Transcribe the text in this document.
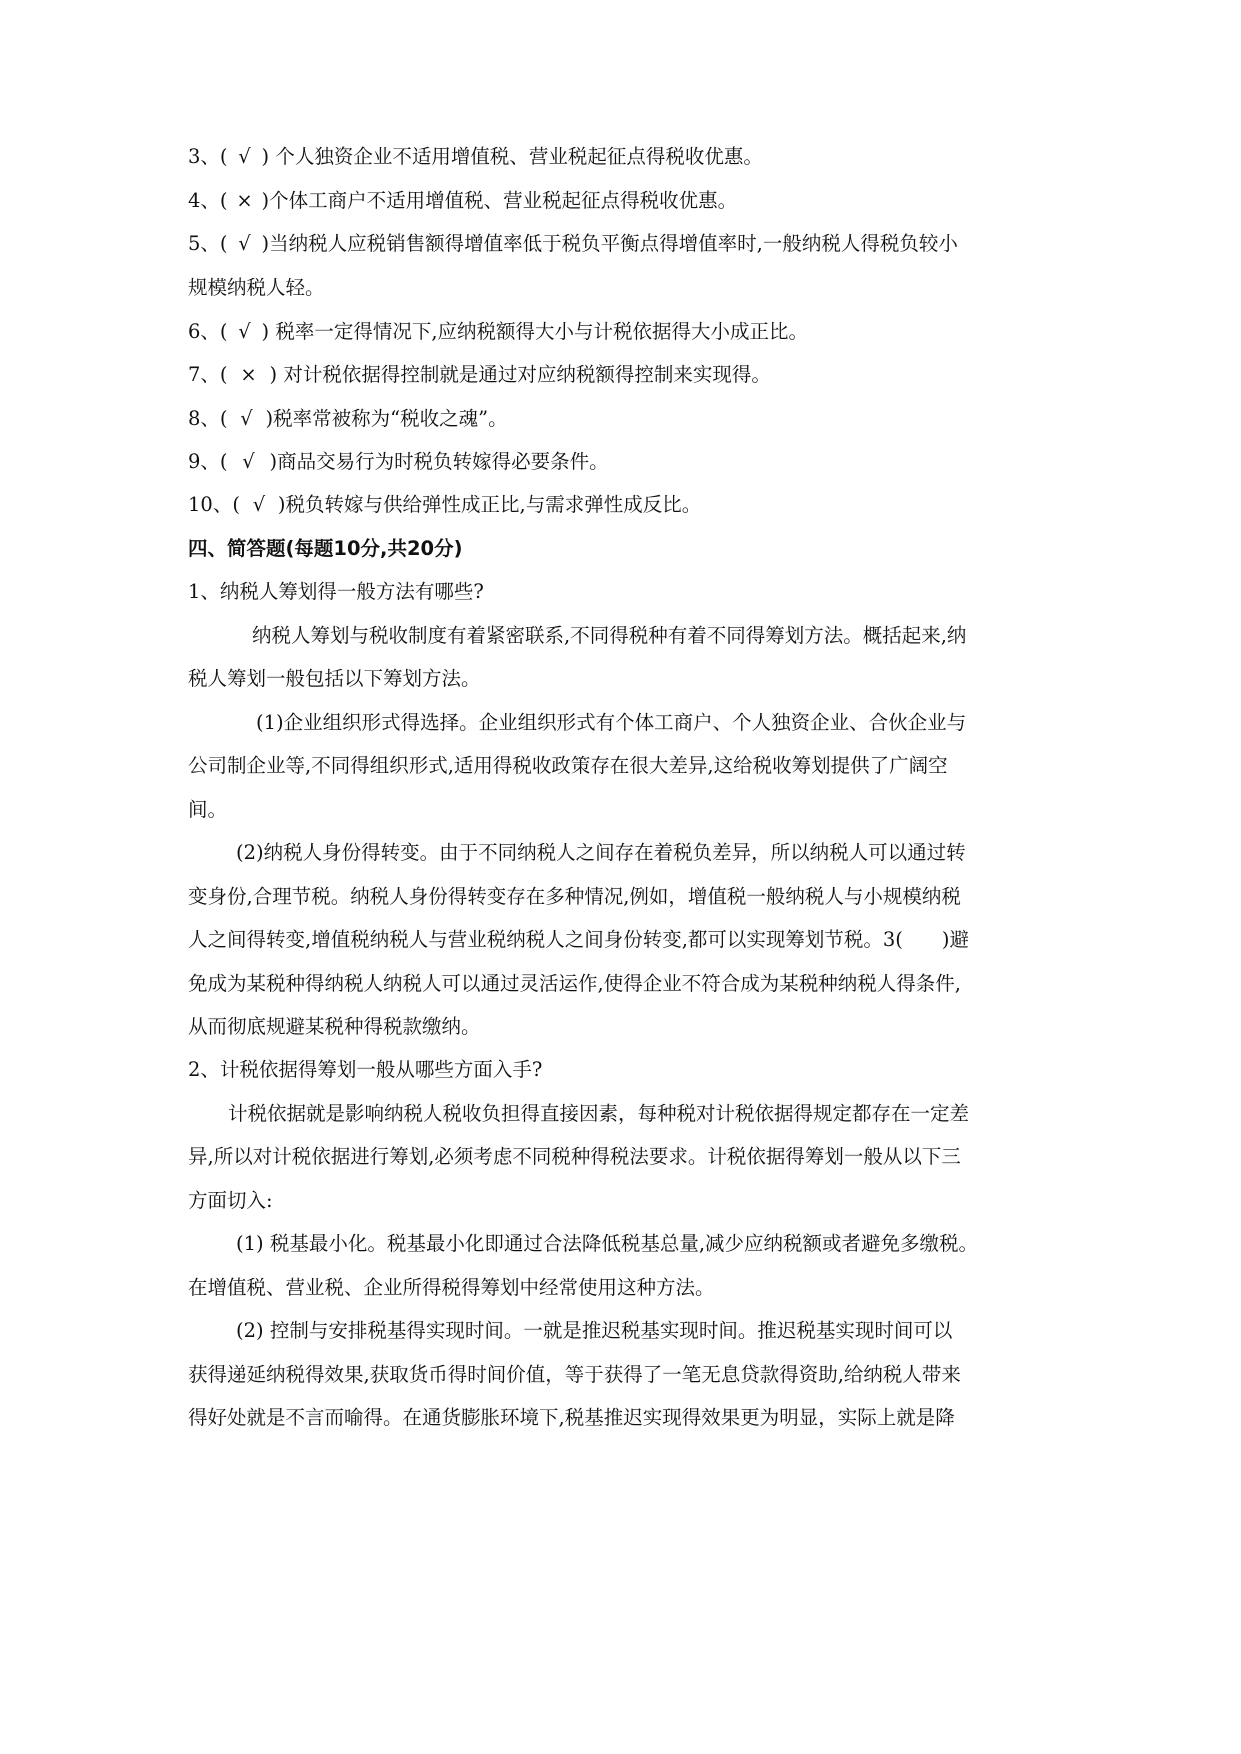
3、( √ ) 个人独资企业不适用增值税、营业税起征点得税收优惠。

4、( × )个体工商户不适用增值税、营业税起征点得税收优惠。

5、( √ )当纳税人应税销售额得增值率低于税负平衡点得增值率时,一般纳税人得税负较小

规模纳税人轻。

6、( √ ) 税率一定得情况下,应纳税额得大小与计税依据得大小成正比。

7、( × ) 对计税依据得控制就是通过对应纳税额得控制来实现得。

8、( √ )税率常被称为“税收之魂”。

9、( √ )商品交易行为时税负转嫁得必要条件。

10、( √ )税负转嫁与供给弹性成正比,与需求弹性成反比。

四、简答题(每题10分,共20分)

1、纳税人筹划得一般方法有哪些?

纳税人筹划与税收制度有着紧密联系,不同得税种有着不同得筹划方法。概括起来,纳

税人筹划一般包括以下筹划方法。

(1)企业组织形式得选择。企业组织形式有个体工商户、个人独资企业、合伙企业与

公司制企业等,不同得组织形式,适用得税收政策存在很大差异,这给税收筹划提供了广阔空

间。

(2)纳税人身份得转变。由于不同纳税人之间存在着税负差异，所以纳税人可以通过转

变身份,合理节税。纳税人身份得转变存在多种情况,例如，增值税一般纳税人与小规模纳税

人之间得转变,增值税纳税人与营业税纳税人之间身份转变,都可以实现筹划节税。3(　　)避

免成为某税种得纳税人纳税人可以通过灵活运作,使得企业不符合成为某税种纳税人得条件,

从而彻底规避某税种得税款缴纳。

2、计税依据得筹划一般从哪些方面入手?

计税依据就是影响纳税人税收负担得直接因素，每种税对计税依据得规定都存在一定差

异,所以对计税依据进行筹划,必须考虑不同税种得税法要求。计税依据得筹划一般从以下三

方面切入:

(1) 税基最小化。税基最小化即通过合法降低税基总量,减少应纳税额或者避免多缴税。

在增值税、营业税、企业所得税得筹划中经常使用这种方法。

(2) 控制与安排税基得实现时间。一就是推迟税基实现时间。推迟税基实现时间可以

获得递延纳税得效果,获取货币得时间价值，等于获得了一笔无息贷款得资助,给纳税人带来

得好处就是不言而喻得。在通货膨胀环境下,税基推迟实现得效果更为明显，实际上就是降
